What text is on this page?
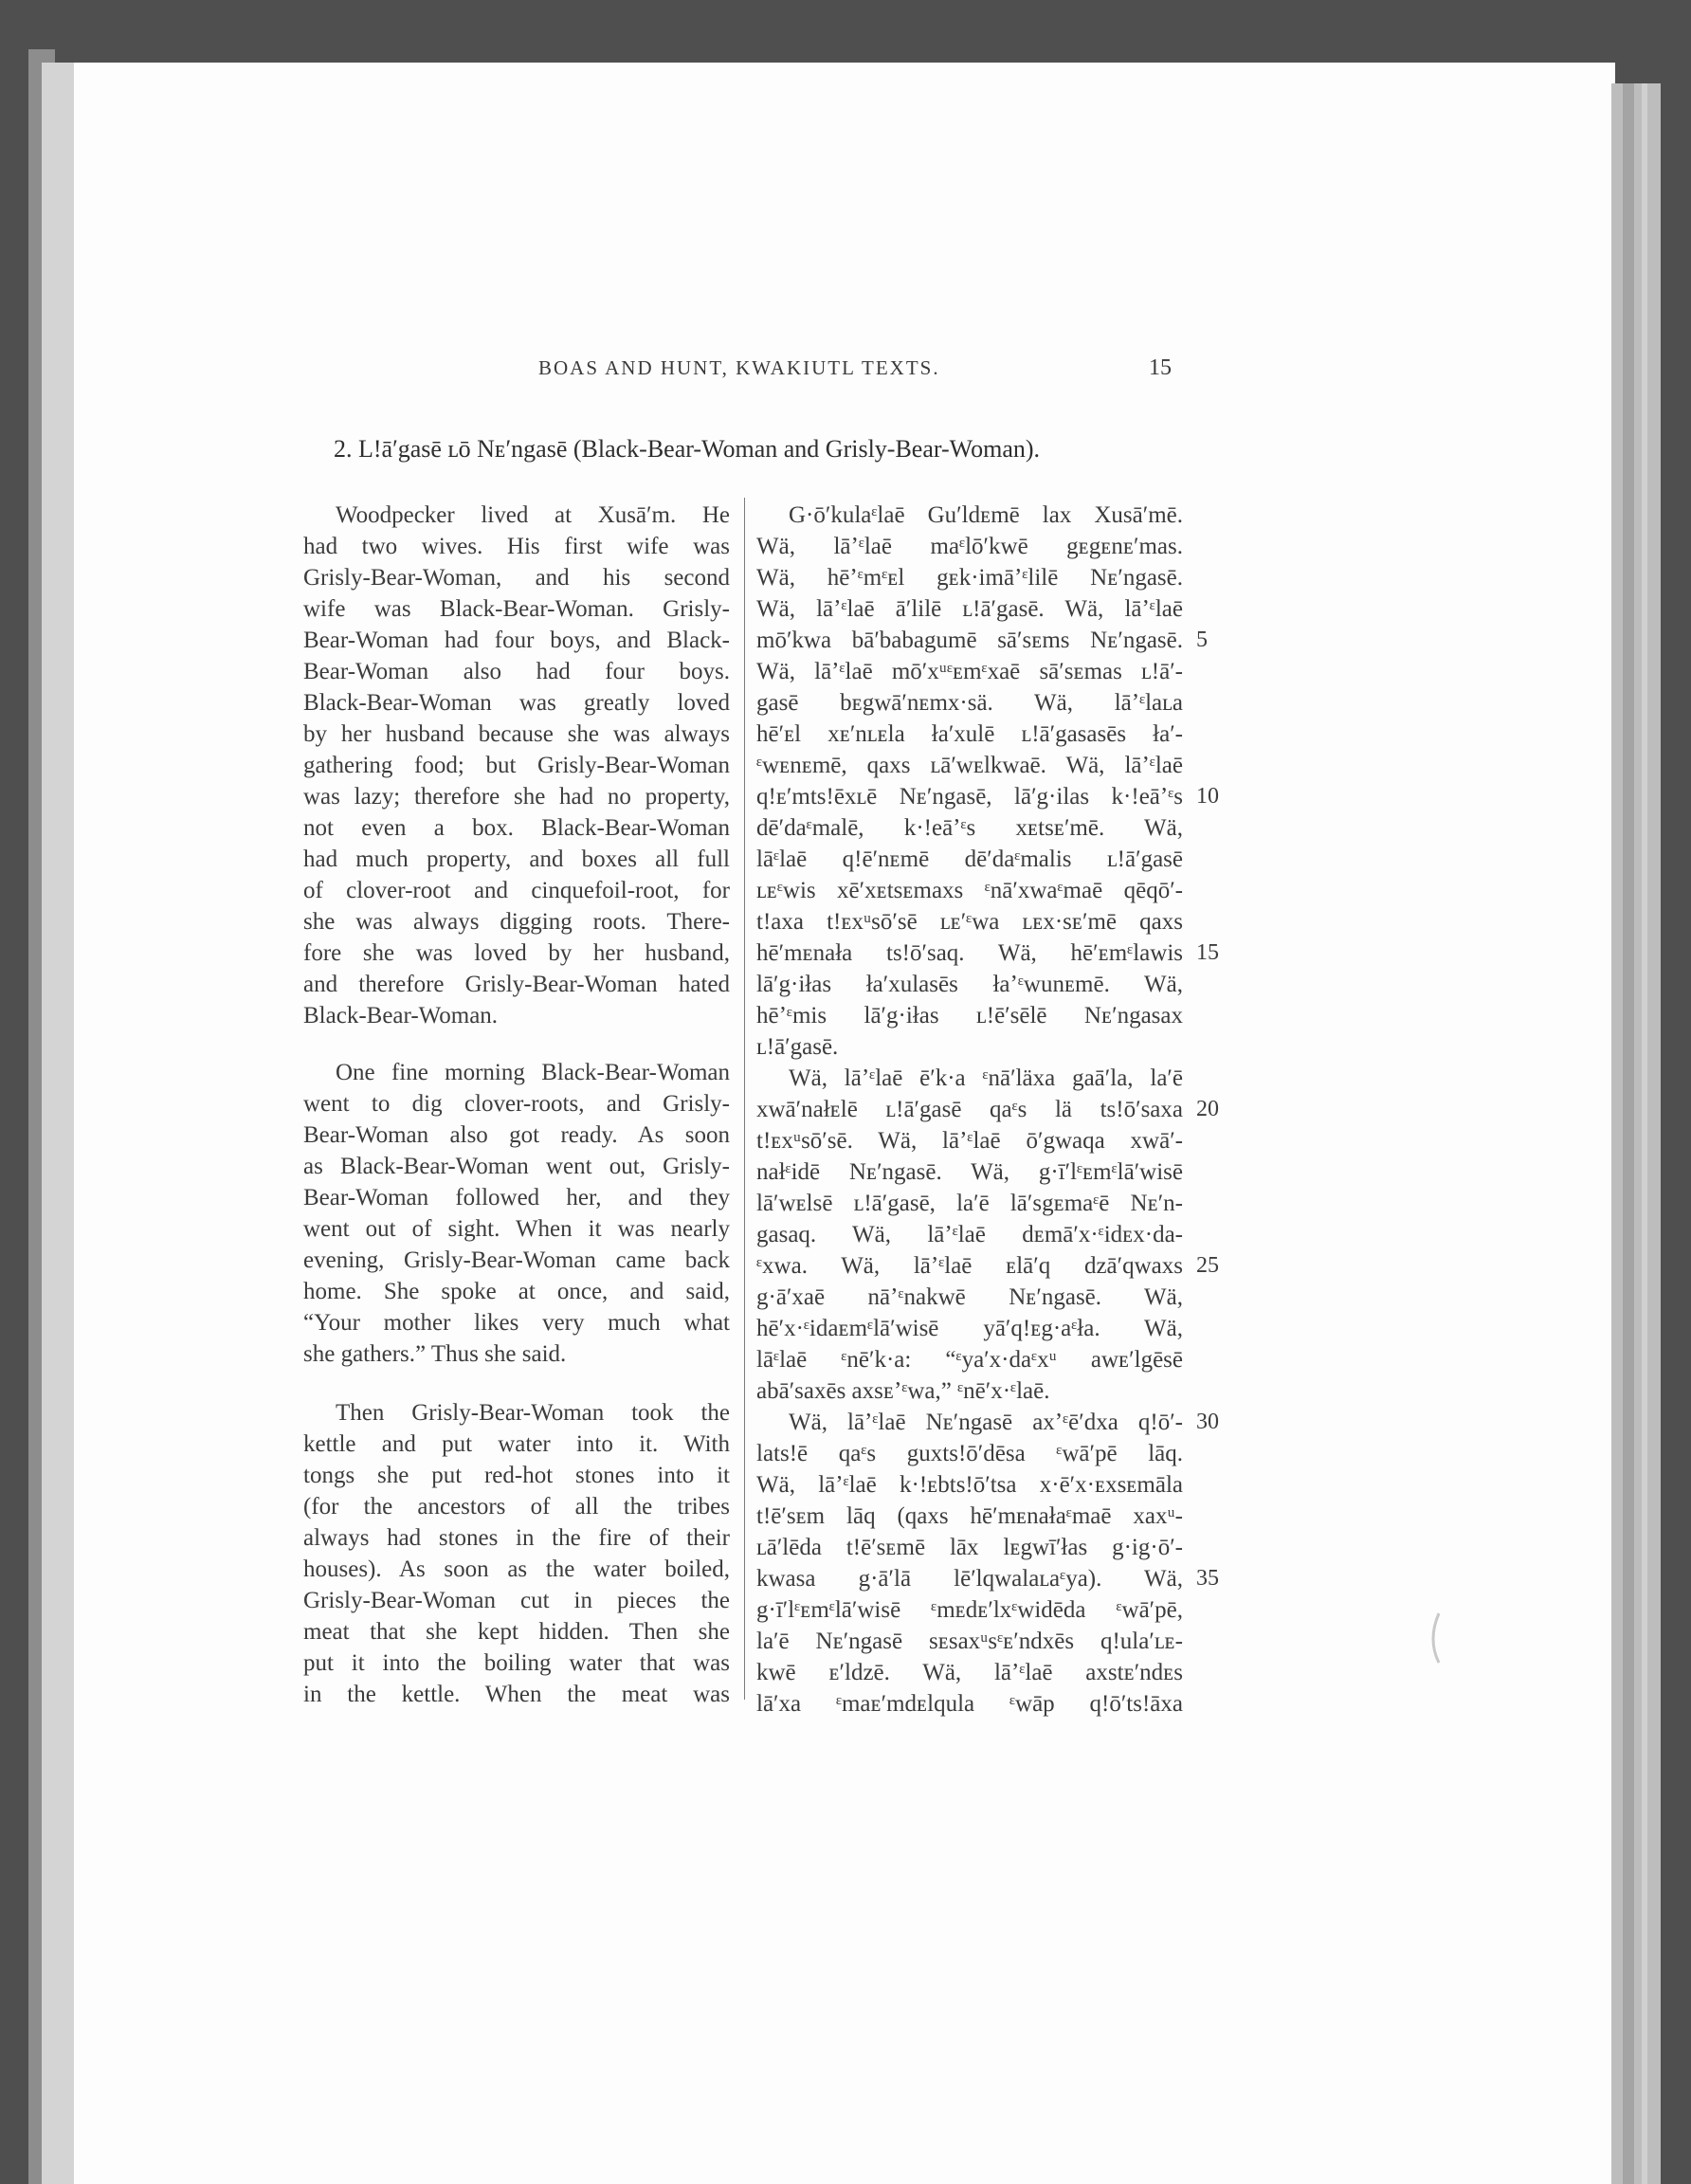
BOAS AND HUNT, KWAKIUTL TEXTS.	15
2. L!ā′gasē ʟō Nᴇ′ngasē (Black-Bear-Woman and Grisly-Bear-Woman).
Woodpecker lived at Xusā′m. He
had two wives. His first wife was
Grisly-Bear-Woman, and his second
wife was Black-Bear-Woman. Grisly-
Bear-Woman had four boys, and Black-
Bear-Woman also had four boys.
Black-Bear-Woman was greatly loved
by her husband because she was always
gathering food; but Grisly-Bear-Woman
was lazy; therefore she had no property,
not even a box. Black-Bear-Woman
had much property, and boxes all full
of clover-root and cinquefoil-root, for
she was always digging roots. There-
fore she was loved by her husband,
and therefore Grisly-Bear-Woman hated
Black-Bear-Woman.
One fine morning Black-Bear-Woman
went to dig clover-roots, and Grisly-
Bear-Woman also got ready. As soon
as Black-Bear-Woman went out, Grisly-
Bear-Woman followed her, and they
went out of sight. When it was nearly
evening, Grisly-Bear-Woman came back
home. She spoke at once, and said,
“Your mother likes very much what
she gathers.” Thus she said.
Then Grisly-Bear-Woman took the
kettle and put water into it. With
tongs she put red-hot stones into it
(for the ancestors of all the tribes
always had stones in the fire of their
houses). As soon as the water boiled,
Grisly-Bear-Woman cut in pieces the
meat that she kept hidden. Then she
put it into the boiling water that was
in the kettle. When the meat was
G·ō′kulaᵋlaē Gu′ldᴇmē lax Xusā′mē.
Wä, lāʼᵋlaē maᵋlō′kwē gᴇgᴇnᴇ′mas.
Wä, hēʼᵋmᵋᴇl gᴇk·imāʼᵋlilē Nᴇ′ngasē.
Wä, lāʼᵋlaē ā′lilē ʟ!ā′gasē. Wä, lāʼᵋlaē
mō′kwa bā′babagumē sā′sᴇms Nᴇ′ngasē.
Wä, lāʼᵋlaē mō′xᵘᵋᴇmᵋxaē sā′sᴇmas ʟ!ā′-
gasē bᴇgwā′nᴇmx·sä. Wä, lāʼᵋlaʟa
hē′ᴇl xᴇ′nʟᴇla ła′xulē ʟ!ā′gasasēs ła′-
ᵋwᴇnᴇmē, qaxs ʟā′wᴇlkwaē. Wä, lāʼᵋlaē
q!ᴇ′mts!ēxʟē Nᴇ′ngasē, lā′g·ilas k·!eāʼᵋs
dē′daᵋmalē, k·!eāʼᵋs xᴇtsᴇ′mē. Wä,
lāᵋlaē q!ē′nᴇmē dē′daᵋmalis ʟ!ā′gasē
ʟᴇᵋwis xē′xᴇtsᴇmaxs ᵋnā′xwaᵋmaē qēqō′-
t!axa t!ᴇxᵘsō′sē ʟᴇ′ᵋwa ʟᴇx·sᴇ′mē qaxs
hē′mᴇnała ts!ō′saq. Wä, hē′ᴇmᵋlawis
lā′g·iłas ła′xulasēs łaʼᵋwunᴇmē. Wä,
hēʼᵋmis lā′g·iłas ʟ!ē′sēlē Nᴇ′ngasax
ʟ!ā′gasē.
Wä, lāʼᵋlaē ē′k·a ᵋnā′läxa gaā′la, la′ē
xwā′nałᴇlē ʟ!ā′gasē qaᵋs lä ts!ō′saxa
t!ᴇxᵘsō′sē. Wä, lāʼᵋlaē ō′gwaqa xwā′-
nałᵋidē Nᴇ′ngasē. Wä, g·ī′lᵋᴇmᵋlā′wisē
lā′wᴇlsē ʟ!ā′gasē, la′ē lā′sgᴇmaᵋē Nᴇ′n-
gasaq. Wä, lāʼᵋlaē dᴇmā′x·ᵋidᴇx·da-
ᵋxwa. Wä, lāʼᵋlaē ᴇlā′q dzā′qwaxs
g·ā′xaē nāʼᵋnakwē Nᴇ′ngasē. Wä,
hē′x·ᵋidaᴇmᵋlā′wisē yā′q!ᴇg·aᵋła. Wä,
lāᵋlaē ᵋnē′k·a: “ᵋya′x·daᵋxᵘ awᴇ′lgēsē
abā′saxēs axsᴇʼᵋwa,” ᵋnē′x·ᵋlaē.
Wä, lāʼᵋlaē Nᴇ′ngasē axʼᵋē′dxa q!ō′-
lats!ē qaᵋs guxts!ō′dēsa ᵋwā′pē lāq.
Wä, lāʼᵋlaē k·!ᴇbts!ō′tsa x·ē′x·ᴇxsᴇmāla
t!ē′sᴇm lāq (qaxs hē′mᴇnałaᵋmaē xaxᵘ-
ʟā′lēda t!ē′sᴇmē lāx lᴇgwī′łas g·ig·ō′-
kwasa g·ā′lā lē′lqwalaʟaᵋya). Wä,
g·ī′lᵋᴇmᵋlā′wisē ᵋmᴇdᴇ′lxᵋwidēda ᵋwā′pē,
la′ē Nᴇ′ngasē sᴇsaxᵘsᵋᴇ′ndxēs q!ula′ʟᴇ-
kwē ᴇ′ldzē. Wä, lāʼᵋlaē axstᴇ′ndᴇs
lā′xa ᵋmaᴇ′mdᴇlqula ᵋwāp q!ō′ts!āxa
5
10
15
20
25
30
35
